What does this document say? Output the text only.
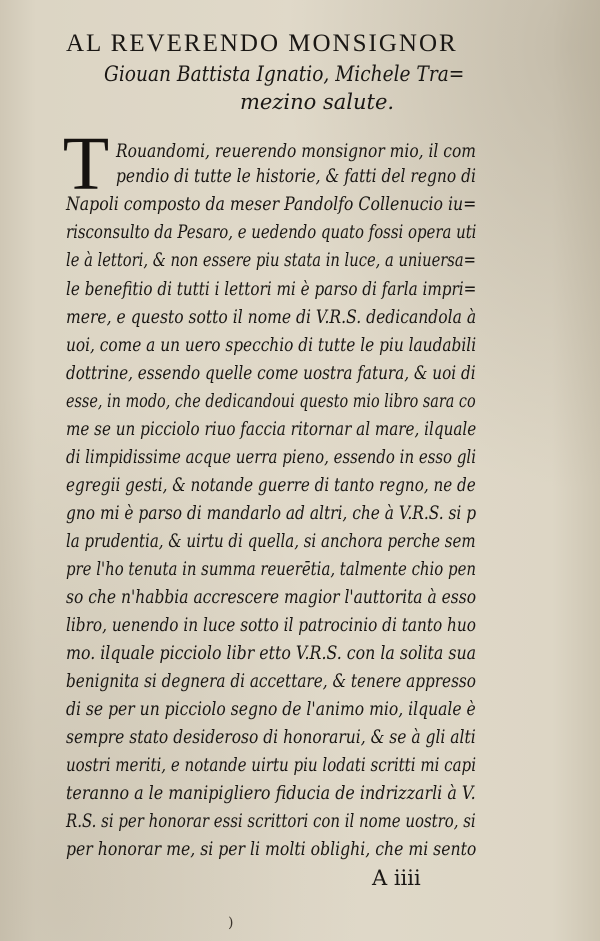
AL REVERENDO MONSIGNOR
Giouan Battista Ignatio, Michele Tra=
mezino salute.
T Rouandomi, reuerendo monsignor mio, il com
pendio di tutte le historie, & fatti del regno di
Napoli composto da meser Pandolfo Collenucio iu=
risconsulto da Pesaro, e uedendo quato fossi opera uti
le à lettori, & non essere piu stata in luce, a uniuersa=
le benefitio di tutti i lettori mi è parso di farla impri=
mere, e questo sotto il nome di V.R.S. dedicandola à
uoi, come a un uero specchio di tutte le piu laudabili
dottrine, essendo quelle come uostra fatura, & uoi di
esse, in modo, che dedicandoui questo mio libro sara co
me se un picciolo riuo faccia ritornar al mare, ilquale
di limpidissime acque uerra pieno, essendo in esso gli
egregii gesti, & notande guerre di tanto regno, ne de
gno mi è parso di mandarlo ad altri, che à V.R.S. si p
la prudentia, & uirtu di quella, si anchora perche sem
pre l'ho tenuta in summa reuerētia, talmente chio pen
so che n'habbia accrescere magior l'auttorita à esso
libro, uenendo in luce sotto il patrocinio di tanto huo
mo. ilquale picciolo libr etto V.R.S. con la solita sua
benignita si degnera di accettare, & tenere appresso
di se per un picciolo segno de l'animo mio, ilquale è
sempre stato desideroso di honorarui, & se à gli alti
uostri meriti, e notande uirtu piu lodati scritti mi capi
teranno a le manipigliero fiducia de indrizzarli à V.
R.S. si per honorar essi scrittori con il nome uostro, si
per honorar me, si per li molti oblighi, che mi sento
A iiii
)
